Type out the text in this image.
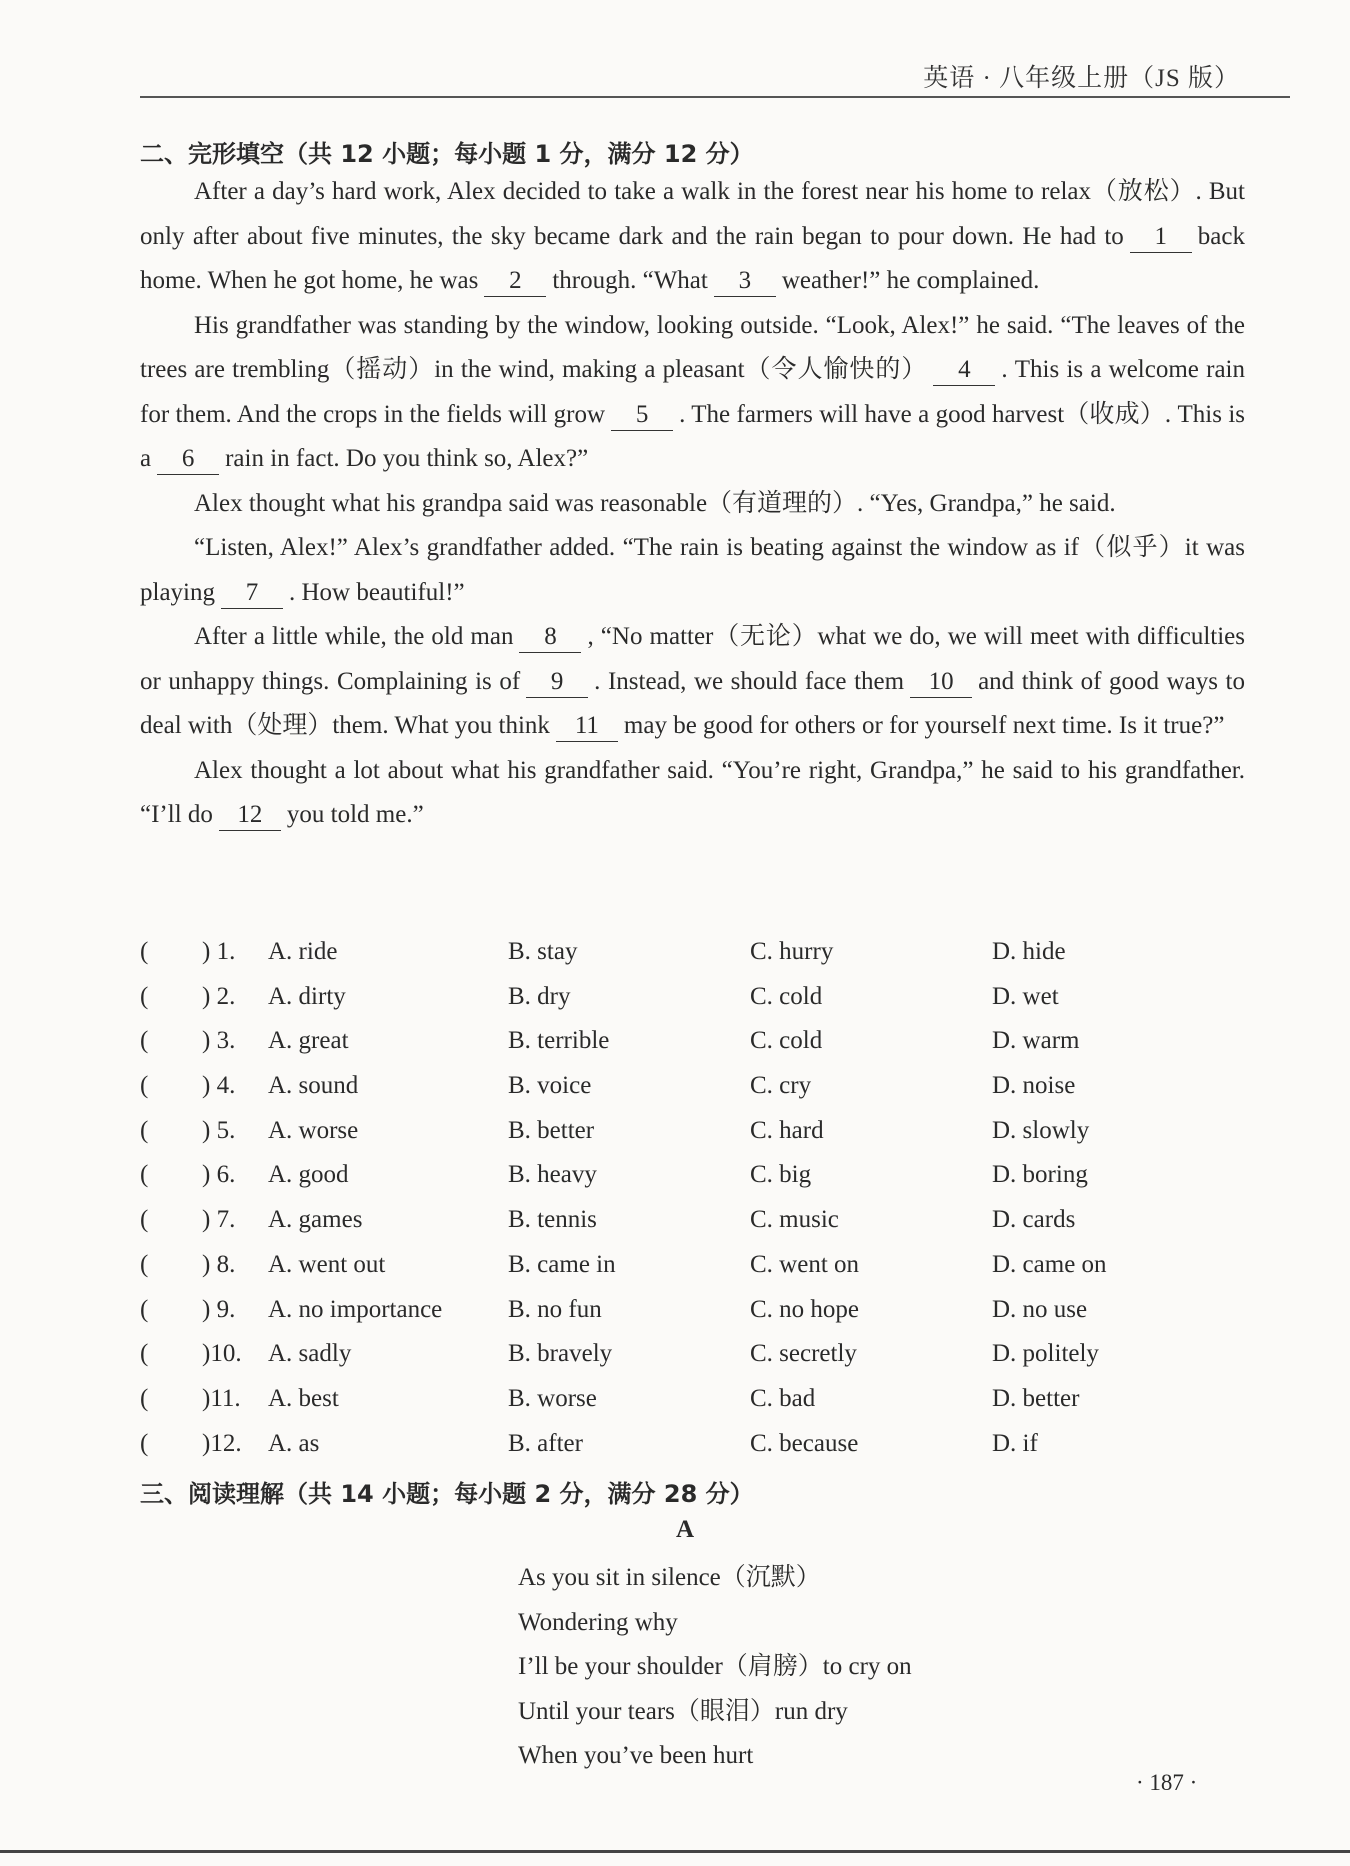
英语 · 八年级上册（JS 版）
二、完形填空（共 12 小题；每小题 1 分，满分 12 分）

After a day’s hard work, Alex decided to take a walk in the forest near his home to relax（放松）. But only after about five minutes, the sky became dark and the rain began to pour down. He had to 1 back home. When he got home, he was 2 through. “What 3 weather!” he complained.

His grandfather was standing by the window, looking outside. “Look, Alex!” he said. “The leaves of the trees are trembling（摇动）in the wind, making a pleasant（令人愉快的） 4 . This is a welcome rain for them. And the crops in the fields will grow 5 . The farmers will have a good harvest（收成）. This is a 6 rain in fact. Do you think so, Alex?”

Alex thought what his grandpa said was reasonable（有道理的）. “Yes, Grandpa,” he said.

“Listen, Alex!” Alex’s grandfather added. “The rain is beating against the window as if（似乎）it was playing 7 . How beautiful!”

After a little while, the old man 8 , “No matter（无论）what we do, we will meet with difficulties or unhappy things. Complaining is of 9 . Instead, we should face them 10 and think of good ways to deal with（处理）them. What you think 11 may be good for others or for yourself next time. Is it true?”

Alex thought a lot about what his grandfather said. “You’re right, Grandpa,” he said to his grandfather. “I’ll do 12 you told me.”

( ) 1. A. ride	B. stay	C. hurry	D. hide
( ) 2. A. dirty	B. dry	C. cold	D. wet
( ) 3. A. great	B. terrible	C. cold	D. warm
( ) 4. A. sound	B. voice	C. cry	D. noise
( ) 5. A. worse	B. better	C. hard	D. slowly
( ) 6. A. good	B. heavy	C. big	D. boring
( ) 7. A. games	B. tennis	C. music	D. cards
( ) 8. A. went out	B. came in	C. went on	D. came on
( ) 9. A. no importance	B. no fun	C. no hope	D. no use
( )10. A. sadly	B. bravely	C. secretly	D. politely
( )11. A. best	B. worse	C. bad	D. better
( )12. A. as	B. after	C. because	D. if
三、阅读理解（共 14 小题；每小题 2 分，满分 28 分）
A
As you sit in silence（沉默）
Wondering why
I’ll be your shoulder（肩膀）to cry on
Until your tears（眼泪）run dry
When you’ve been hurt
· 187 ·
